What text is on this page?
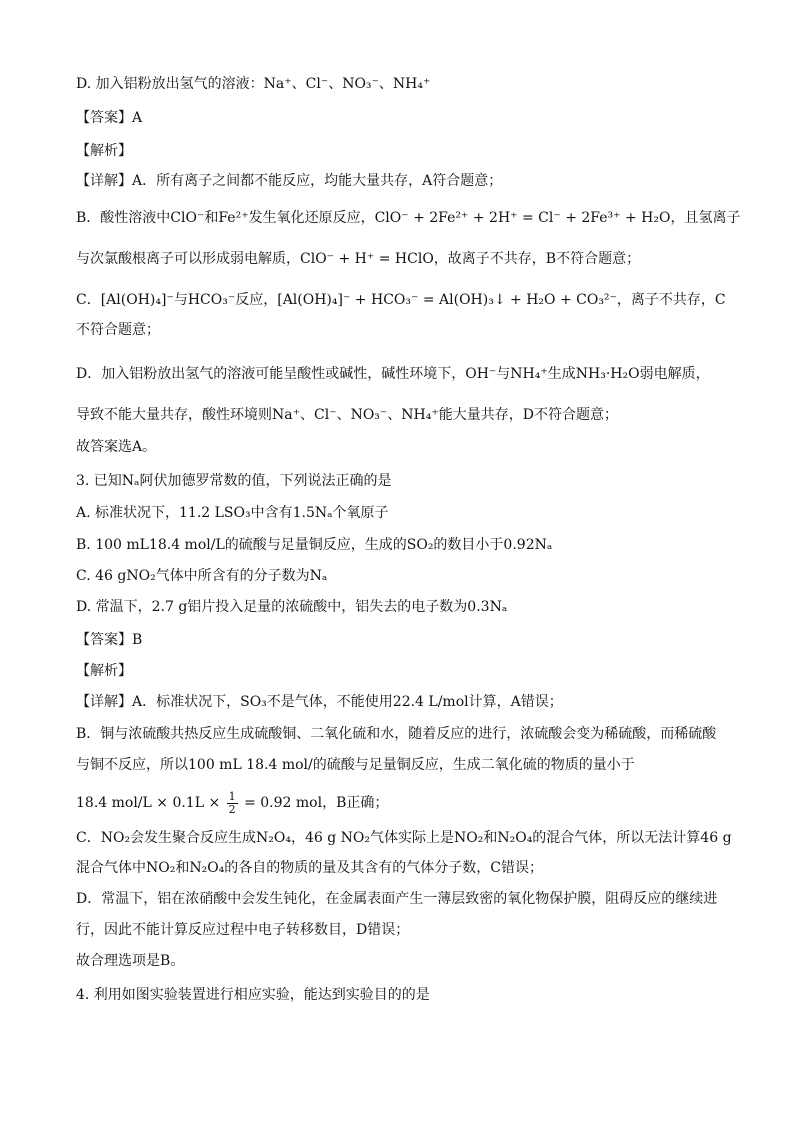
D. 加入铝粉放出氢气的溶液：Na⁺、Cl⁻、NO₃⁻、NH₄⁺
【答案】A
【解析】
【详解】A．所有离子之间都不能反应，均能大量共存，A符合题意；
B．酸性溶液中ClO⁻和Fe²⁺发生氧化还原反应，ClO⁻ + 2Fe²⁺ + 2H⁺ = Cl⁻ + 2Fe³⁺ + H₂O，且氢离子
与次氯酸根离子可以形成弱电解质，ClO⁻ + H⁺ = HClO，故离子不共存，B不符合题意；
C．[Al(OH)₄]⁻与HCO₃⁻反应，[Al(OH)₄]⁻ + HCO₃⁻ = Al(OH)₃↓ + H₂O + CO₃²⁻，离子不共存，C
不符合题意；
D．加入铝粉放出氢气的溶液可能呈酸性或碱性，碱性环境下，OH⁻与NH₄⁺生成NH₃·H₂O弱电解质，
导致不能大量共存，酸性环境则Na⁺、Cl⁻、NO₃⁻、NH₄⁺能大量共存，D不符合题意；
故答案选A。
3. 已知Nₐ阿伏加德罗常数的值，下列说法正确的是
A. 标准状况下，11.2 LSO₃中含有1.5Nₐ个氧原子
B. 100 mL18.4 mol/L的硫酸与足量铜反应，生成的SO₂的数目小于0.92Nₐ
C. 46 gNO₂气体中所含有的分子数为Nₐ
D. 常温下，2.7 g铝片投入足量的浓硫酸中，铝失去的电子数为0.3Nₐ
【答案】B
【解析】
【详解】A．标准状况下，SO₃不是气体，不能使用22.4 L/mol计算，A错误；
B．铜与浓硫酸共热反应生成硫酸铜、二氧化硫和水，随着反应的进行，浓硫酸会变为稀硫酸，而稀硫酸
与铜不反应，所以100 mL 18.4 mol/的硫酸与足量铜反应，生成二氧化硫的物质的量小于
18.4 $mol/L \times 0.1L \times \frac{1}{2} = 0.92$ mol，B正确；
C．NO₂会发生聚合反应生成N₂O₄，46 g NO₂气体实际上是NO₂和N₂O₄的混合气体，所以无法计算46 g
混合气体中NO₂和N₂O₄的各自的物质的量及其含有的气体分子数，C错误；
D．常温下，铝在浓硝酸中会发生钝化，在金属表面产生一薄层致密的氧化物保护膜，阻碍反应的继续进
行，因此不能计算反应过程中电子转移数目，D错误；
故合理选项是B。
4. 利用如图实验装置进行相应实验，能达到实验目的的是
